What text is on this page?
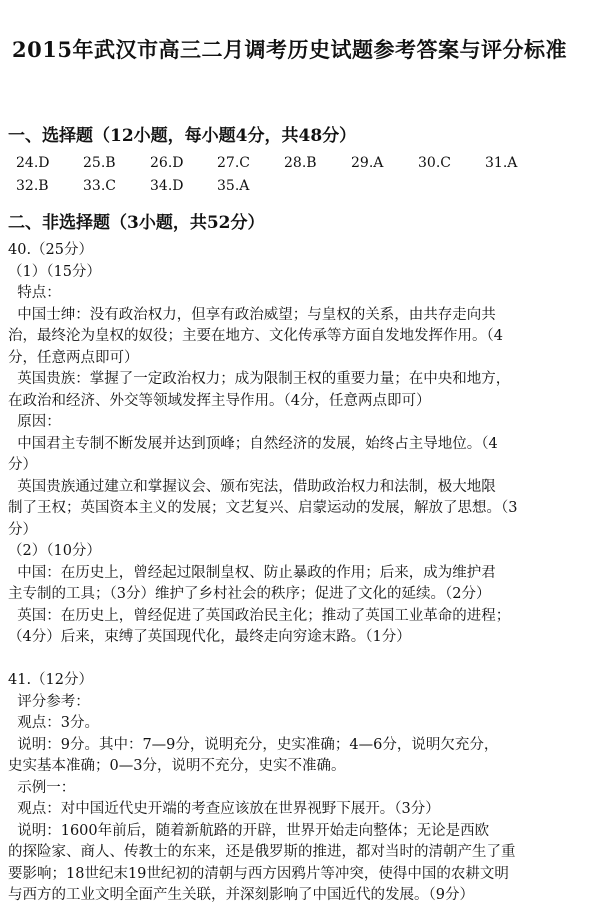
2015年武汉市高三二月调考历史试题参考答案与评分标准
一、选择题（12小题，每小题4分，共48分）
24.D 25.B 26.D 27.C 28.B 29.A 30.C 31.A
32.B 33.C 34.D 35.A
二、非选择题（3小题，共52分）
40.（25分）
（1）（15分）
特点：
中国士绅：没有政治权力，但享有政治威望；与皇权的关系，由共存走向共
治，最终沦为皇权的奴役；主要在地方、文化传承等方面自发地发挥作用。（4
分，任意两点即可）
英国贵族：掌握了一定政治权力；成为限制王权的重要力量；在中央和地方，
在政治和经济、外交等领域发挥主导作用。（4分，任意两点即可）
原因：
中国君主专制不断发展并达到顶峰；自然经济的发展，始终占主导地位。（4
分）
英国贵族通过建立和掌握议会、颁布宪法，借助政治权力和法制，极大地限
制了王权；英国资本主义的发展；文艺复兴、启蒙运动的发展，解放了思想。（3
分）
（2）（10分）
中国：在历史上，曾经起过限制皇权、防止暴政的作用；后来，成为维护君
主专制的工具；（3分）维护了乡村社会的秩序；促进了文化的延续。（2分）
英国：在历史上，曾经促进了英国政治民主化；推动了英国工业革命的进程；
（4分）后来，束缚了英国现代化，最终走向穷途末路。（1分）
41.（12分）
评分参考：
观点：3分。
说明：9分。其中：7—9分，说明充分，史实准确；4—6分，说明欠充分，
史实基本准确；0—3分，说明不充分，史实不准确。
示例一：
观点：对中国近代史开端的考查应该放在世界视野下展开。（3分）
说明：1600年前后，随着新航路的开辟，世界开始走向整体；无论是西欧
的探险家、商人、传教士的东来，还是俄罗斯的推进，都对当时的清朝产生了重
要影响；18世纪末19世纪初的清朝与西方因鸦片等冲突，使得中国的农耕文明
与西方的工业文明全面产生关联，并深刻影响了中国近代的发展。（9分）
